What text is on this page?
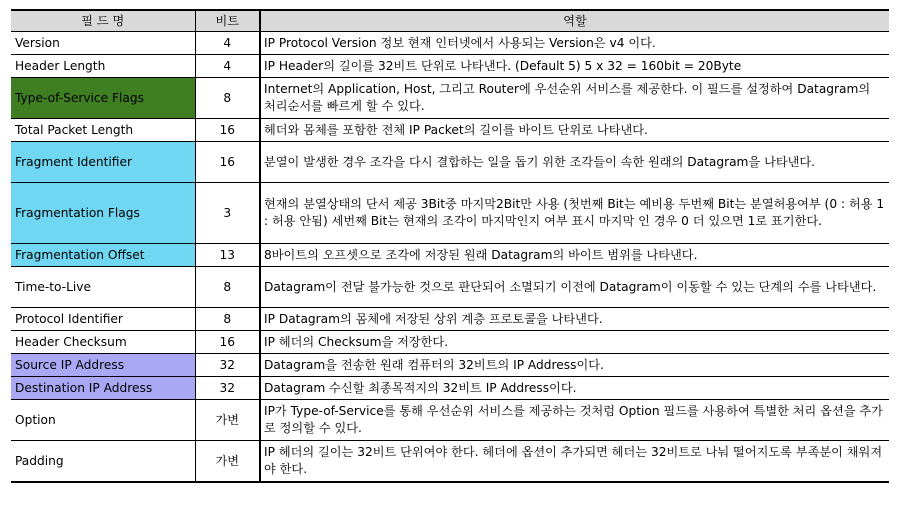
필 드 명	비트	역할
Version	4	IP Protocol Version 정보 현재 인터넷에서 사용되는 Version은 v4 이다.
Header Length	4	IP Header의 길이를 32비트 단위로 나타낸다. (Default 5) 5 x 32 = 160bit = 20Byte
Type-of-Service Flags	8	Internet의 Application, Host, 그리고 Router에 우선순위 서비스를 제공한다. 이 필드를 설정하여 Datagram의 처리순서를 빠르게 할 수 있다.
Total Packet Length	16	헤더와 몸체를 포함한 전체 IP Packet의 길이를 바이트 단위로 나타낸다.
Fragment Identifier	16	분열이 발생한 경우 조각을 다시 결합하는 일을 돕기 위한 조각들이 속한 원래의 Datagram을 나타낸다.
Fragmentation Flags	3	현재의 분열상태의 단서 제공 3Bit중 마지막2Bit만 사용 (첫번째 Bit는 예비용 두번째 Bit는 분열허용여부 (0 : 허용 1 : 허용 안됨) 세번째 Bit는 현재의 조각이 마지막인지 여부 표시 마지막 인 경우 0 더 있으면 1로 표기한다.
Fragmentation Offset	13	8바이트의 오프셋으로 조각에 저장된 원래 Datagram의 바이트 범위를 나타낸다.
Time-to-Live	8	Datagram이 전달 불가능한 것으로 판단되어 소멸되기 이전에 Datagram이 이동할 수 있는 단계의 수를 나타낸다.
Protocol Identifier	8	IP Datagram의 몸체에 저장된 상위 계층 프로토콜을 나타낸다.
Header Checksum	16	IP 헤더의 Checksum을 저장한다.
Source IP Address	32	Datagram을 전송한 원래 컴퓨터의 32비트의 IP Address이다.
Destination IP Address	32	Datagram 수신할 최종목적지의 32비트 IP Address이다.
Option	가변	IP가 Type-of-Service를 통해 우선순위 서비스를 제공하는 것처럼 Option 필드를 사용하여 특별한 처리 옵션을 추가로 정의할 수 있다.
Padding	가변	IP 헤더의 길이는 32비트 단위여야 한다. 헤더에 옵션이 추가되면 헤더는 32비트로 나눠 떨어지도록 부족분이 채워져야 한다.
